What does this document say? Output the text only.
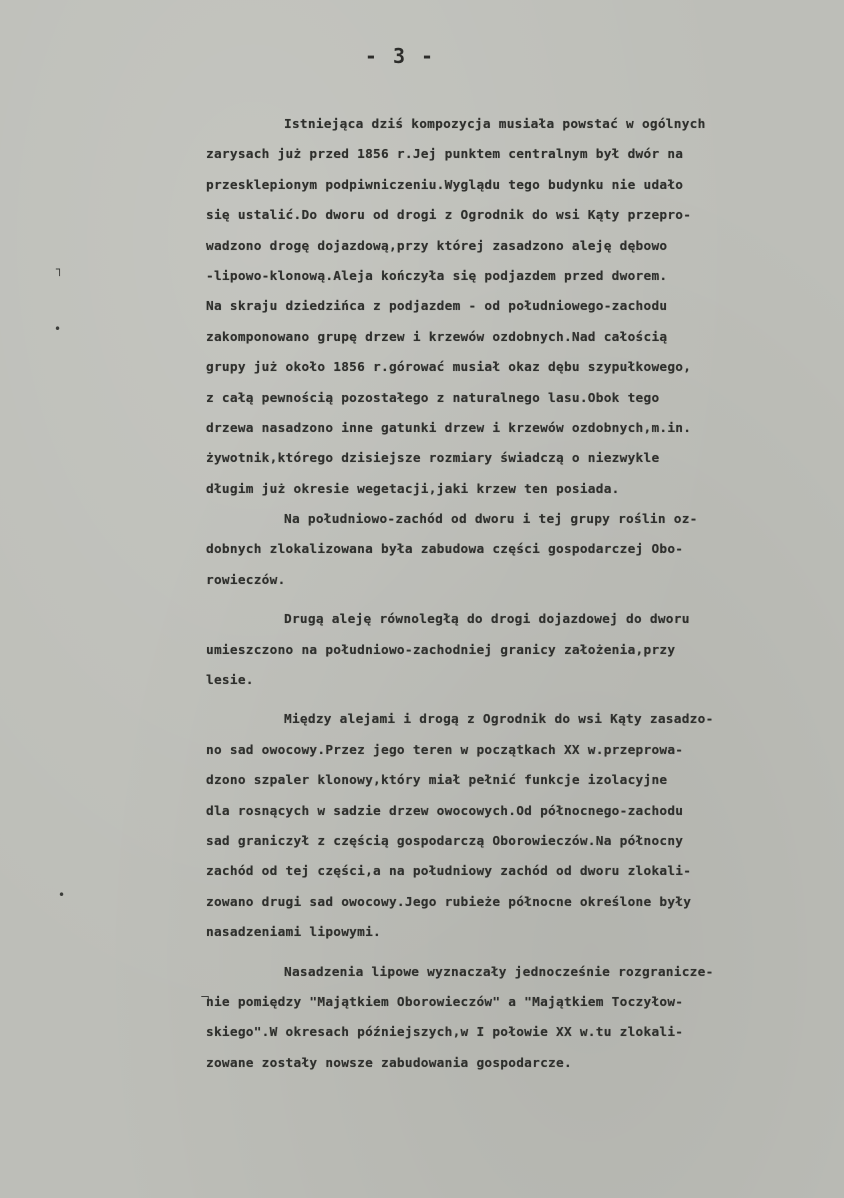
- 3 -
┐
•
•
¬
Istniejąca dziś kompozycja musiała powstać w ogólnych
zarysach już przed 1856 r.Jej punktem centralnym był dwór na
przesklepionym podpiwniczeniu.Wyglądu tego budynku nie udało
się ustalić.Do dworu od drogi z Ogrodnik do wsi Kąty przepro-
wadzono drogę dojazdową,przy której zasadzono aleję dębowo
-lipowo-klonową.Aleja kończyła się podjazdem przed dworem.
Na skraju dziedzińca z podjazdem - od południowego-zachodu
zakomponowano grupę drzew i krzewów ozdobnych.Nad całością
grupy już około 1856 r.górować musiał okaz dębu szypułkowego,
z całą pewnością pozostałego z naturalnego lasu.Obok tego
drzewa nasadzono inne gatunki drzew i krzewów ozdobnych,m.in.
żywotnik,którego dzisiejsze rozmiary świadczą o niezwykle
długim już okresie wegetacji,jaki krzew ten posiada.
Na południowo-zachód od dworu i tej grupy roślin oz-
dobnych zlokalizowana była zabudowa części gospodarczej Obo-
rowieczów.
Drugą aleję równoległą do drogi dojazdowej do dworu
umieszczono na południowo-zachodniej granicy założenia,przy
lesie.
Między alejami i drogą z Ogrodnik do wsi Kąty zasadzo-
no sad owocowy.Przez jego teren w początkach XX w.przeprowa-
dzono szpaler klonowy,który miał pełnić funkcje izolacyjne
dla rosnących w sadzie drzew owocowych.Od północnego-zachodu
sad graniczył z częścią gospodarczą Oborowieczów.Na północny
zachód od tej części,a na południowy zachód od dworu zlokali-
zowano drugi sad owocowy.Jego rubieże północne określone były
nasadzeniami lipowymi.
Nasadzenia lipowe wyznaczały jednocześnie rozgranicze-
nie pomiędzy "Majątkiem Oborowieczów" a "Majątkiem Toczyłow-
skiego".W okresach późniejszych,w I połowie XX w.tu zlokali-
zowane zostały nowsze zabudowania gospodarcze.
